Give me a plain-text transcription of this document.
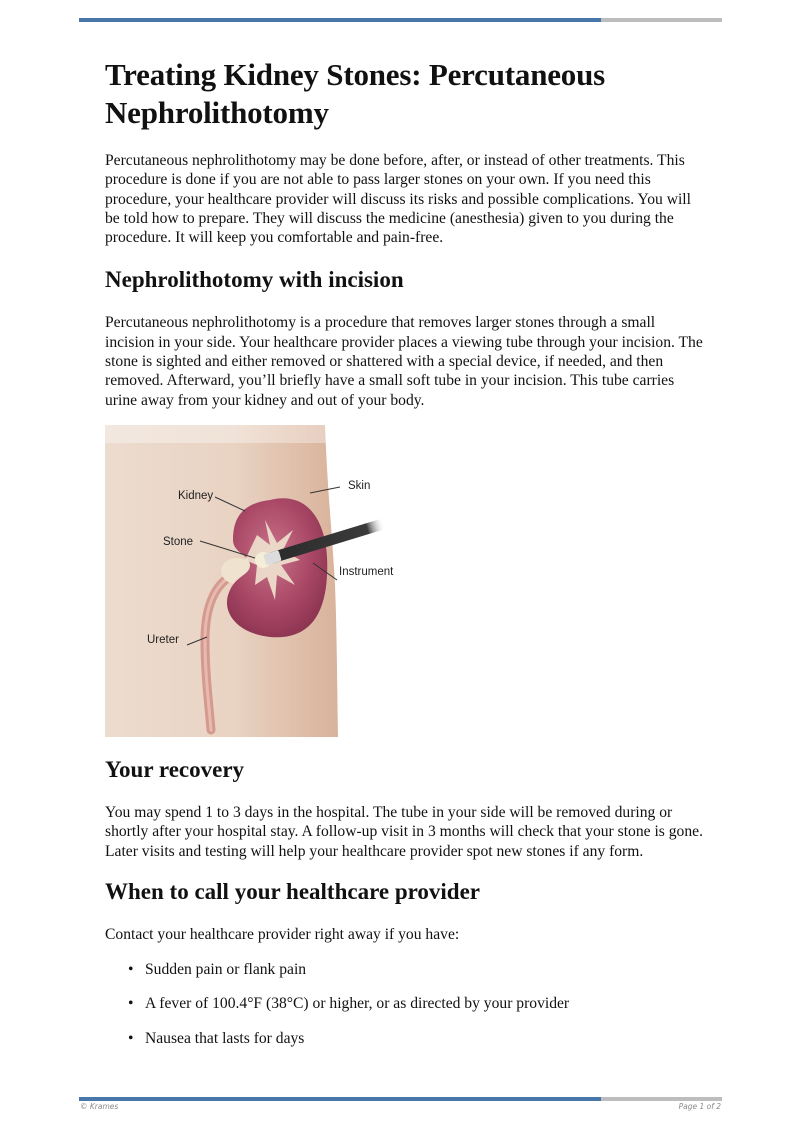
Treating Kidney Stones: Percutaneous Nephrolithotomy

Percutaneous nephrolithotomy may be done before, after, or instead of other treatments. This procedure is done if you are not able to pass larger stones on your own. If you need this procedure, your healthcare provider will discuss its risks and possible complications. You will be told how to prepare. They will discuss the medicine (anesthesia) given to you during the procedure. It will keep you comfortable and pain-free.

Nephrolithotomy with incision

Percutaneous nephrolithotomy is a procedure that removes larger stones through a small incision in your side. Your healthcare provider places a viewing tube through your incision. The stone is sighted and either removed or shattered with a special device, if needed, and then removed. Afterward, you’ll briefly have a small soft tube in your incision. This tube carries urine away from your kidney and out of your body.

Kidney
Skin
Stone
Instrument
Ureter
Your recovery

You may spend 1 to 3 days in the hospital. The tube in your side will be removed during or shortly after your hospital stay. A follow-up visit in 3 months will check that your stone is gone. Later visits and testing will help your healthcare provider spot new stones if any form.

When to call your healthcare provider

Contact your healthcare provider right away if you have:

• Sudden pain or flank pain
• A fever of 100.4°F (38°C) or higher, or as directed by your provider
• Nausea that lasts for days
© Krames	Page 1 of 2
